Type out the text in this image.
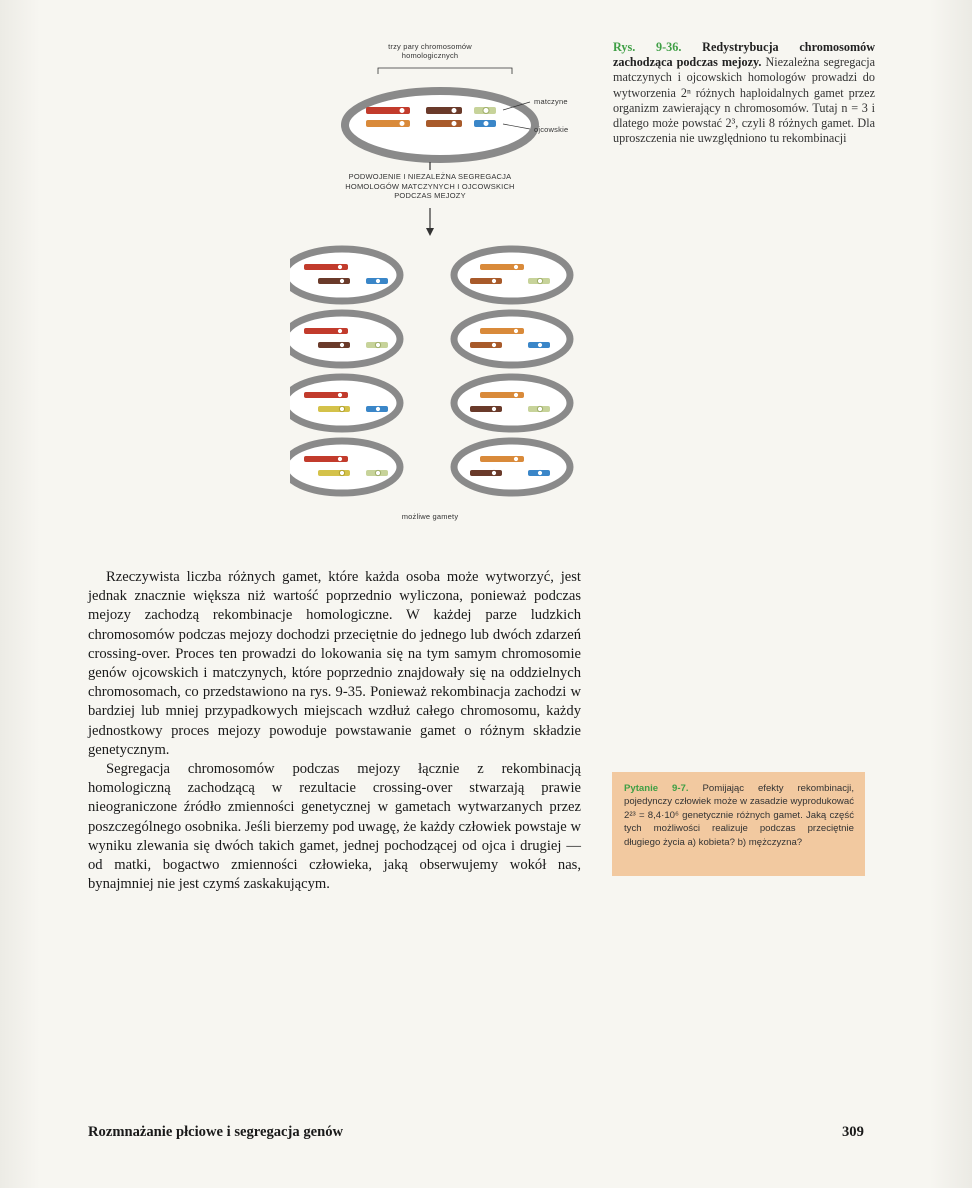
trzy pary chromosomów homologicznych
matczyne
ojcowskie
PODWOJENIE I NIEZALEŻNA SEGREGACJA HOMOLOGÓW MATCZYNYCH I OJCOWSKICH PODCZAS MEJOZY
możliwe gamety
Rys. 9-36. Redystrybucja chromosomów zachodząca podczas mejozy. Niezależna segregacja matczynych i ojcowskich homologów prowadzi do wytworzenia 2ⁿ różnych haploidalnych gamet przez organizm zawierający n chromosomów. Tutaj n = 3 i dlatego może powstać 2³, czyli 8 różnych gamet. Dla uproszczenia nie uwzględniono tu rekombinacji

Rzeczywista liczba różnych gamet, które każda osoba może wytworzyć, jest jednak znacznie większa niż wartość poprzednio wyliczona, ponieważ podczas mejozy zachodzą rekombinacje homologiczne. W każdej parze ludzkich chromosomów podczas mejozy dochodzi przeciętnie do jednego lub dwóch zdarzeń crossing-over. Proces ten prowadzi do lokowania się na tym samym chromosomie genów ojcowskich i matczynych, które poprzednio znajdowały się na oddzielnych chromosomach, co przedstawiono na rys. 9-35. Ponieważ rekombinacja zachodzi w bardziej lub mniej przypadkowych miejscach wzdłuż całego chromosomu, każdy jednostkowy proces mejozy powoduje powstawanie gamet o różnym składzie genetycznym.

Segregacja chromosomów podczas mejozy łącznie z rekombinacją homologiczną zachodzącą w rezultacie crossing-over stwarzają prawie nieograniczone źródło zmienności genetycznej w gametach wytwarzanych przez poszczególnego osobnika. Jeśli bierzemy pod uwagę, że każdy człowiek powstaje w wyniku zlewania się dwóch takich gamet, jednej pochodzącej od ojca i drugiej — od matki, bogactwo zmienności człowieka, jaką obserwujemy wokół nas, bynajmniej nie jest czymś zaskakującym.

Pytanie 9-7. Pomijając efekty rekombinacji, pojedynczy człowiek może w zasadzie wyprodukować 2²³ = 8,4·10⁶ genetycznie różnych gamet. Jaką część tych możliwości realizuje podczas przeciętnie długiego życia a) kobieta? b) mężczyzna?
Rozmnażanie płciowe i segregacja genów	309
